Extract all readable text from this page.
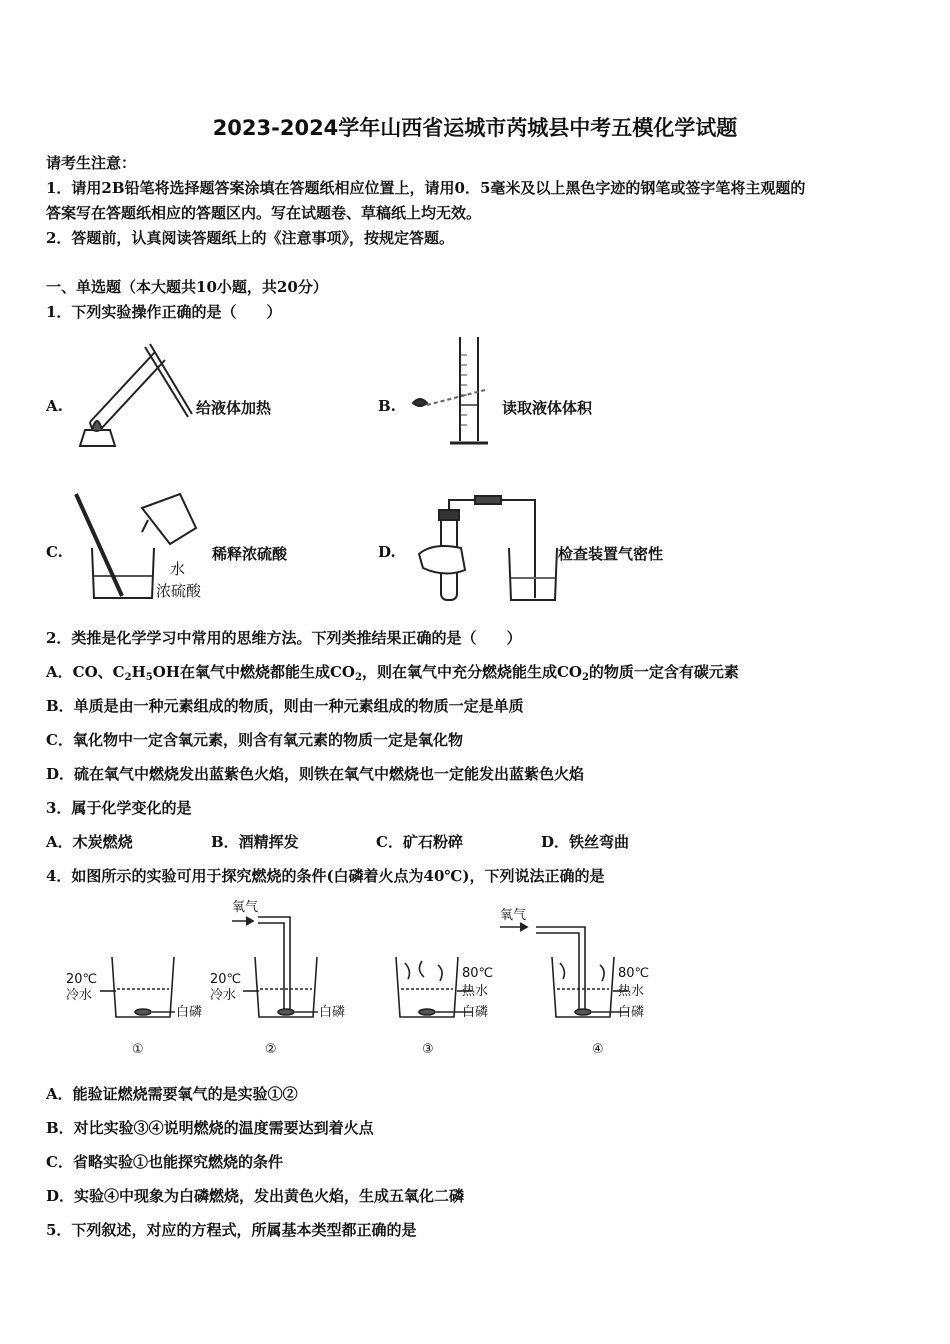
2023-2024学年山西省运城市芮城县中考五模化学试题
请考生注意：
1．请用2B铅笔将选择题答案涂填在答题纸相应位置上，请用0．5毫米及以上黑色字迹的钢笔或签字笔将主观题的
答案写在答题纸相应的答题区内。写在试题卷、草稿纸上均无效。
2．答题前，认真阅读答题纸上的《注意事项》，按规定答题。
一、单选题（本大题共10小题，共20分）
1．下列实验操作正确的是（　　）
A.	给液体加热	B.	读取液体体积
C.
水
浓硫酸
稀释浓硫酸	D.	检查装置气密性
2．类推是化学学习中常用的思维方法。下列类推结果正确的是（　　）
A．CO、$C_2H_5OH$在氧气中燃烧都能生成$CO_2$，则在氧气中充分燃烧能生成$CO_2$的物质一定含有碳元素
B．单质是由一种元素组成的物质，则由一种元素组成的物质一定是单质
C．氧化物中一定含氧元素，则含有氧元素的物质一定是氧化物
D．硫在氧气中燃烧发出蓝紫色火焰，则铁在氧气中燃烧也一定能发出蓝紫色火焰
3．属于化学变化的是
A．木炭燃烧	B．酒精挥发	C．矿石粉碎	D．铁丝弯曲
4．如图所示的实验可用于探究燃烧的条件(白磷着火点为40℃)，下列说法正确的是
20℃
冷水
白磷
①
氧气
20℃
冷水
白磷
②
80℃
热水
白磷
③
氧气
80℃
热水
白磷
④
A．能验证燃烧需要氧气的是实验①②
B．对比实验③④说明燃烧的温度需要达到着火点
C．省略实验①也能探究燃烧的条件
D．实验④中现象为白磷燃烧，发出黄色火焰，生成五氧化二磷
5．下列叙述，对应的方程式，所属基本类型都正确的是
